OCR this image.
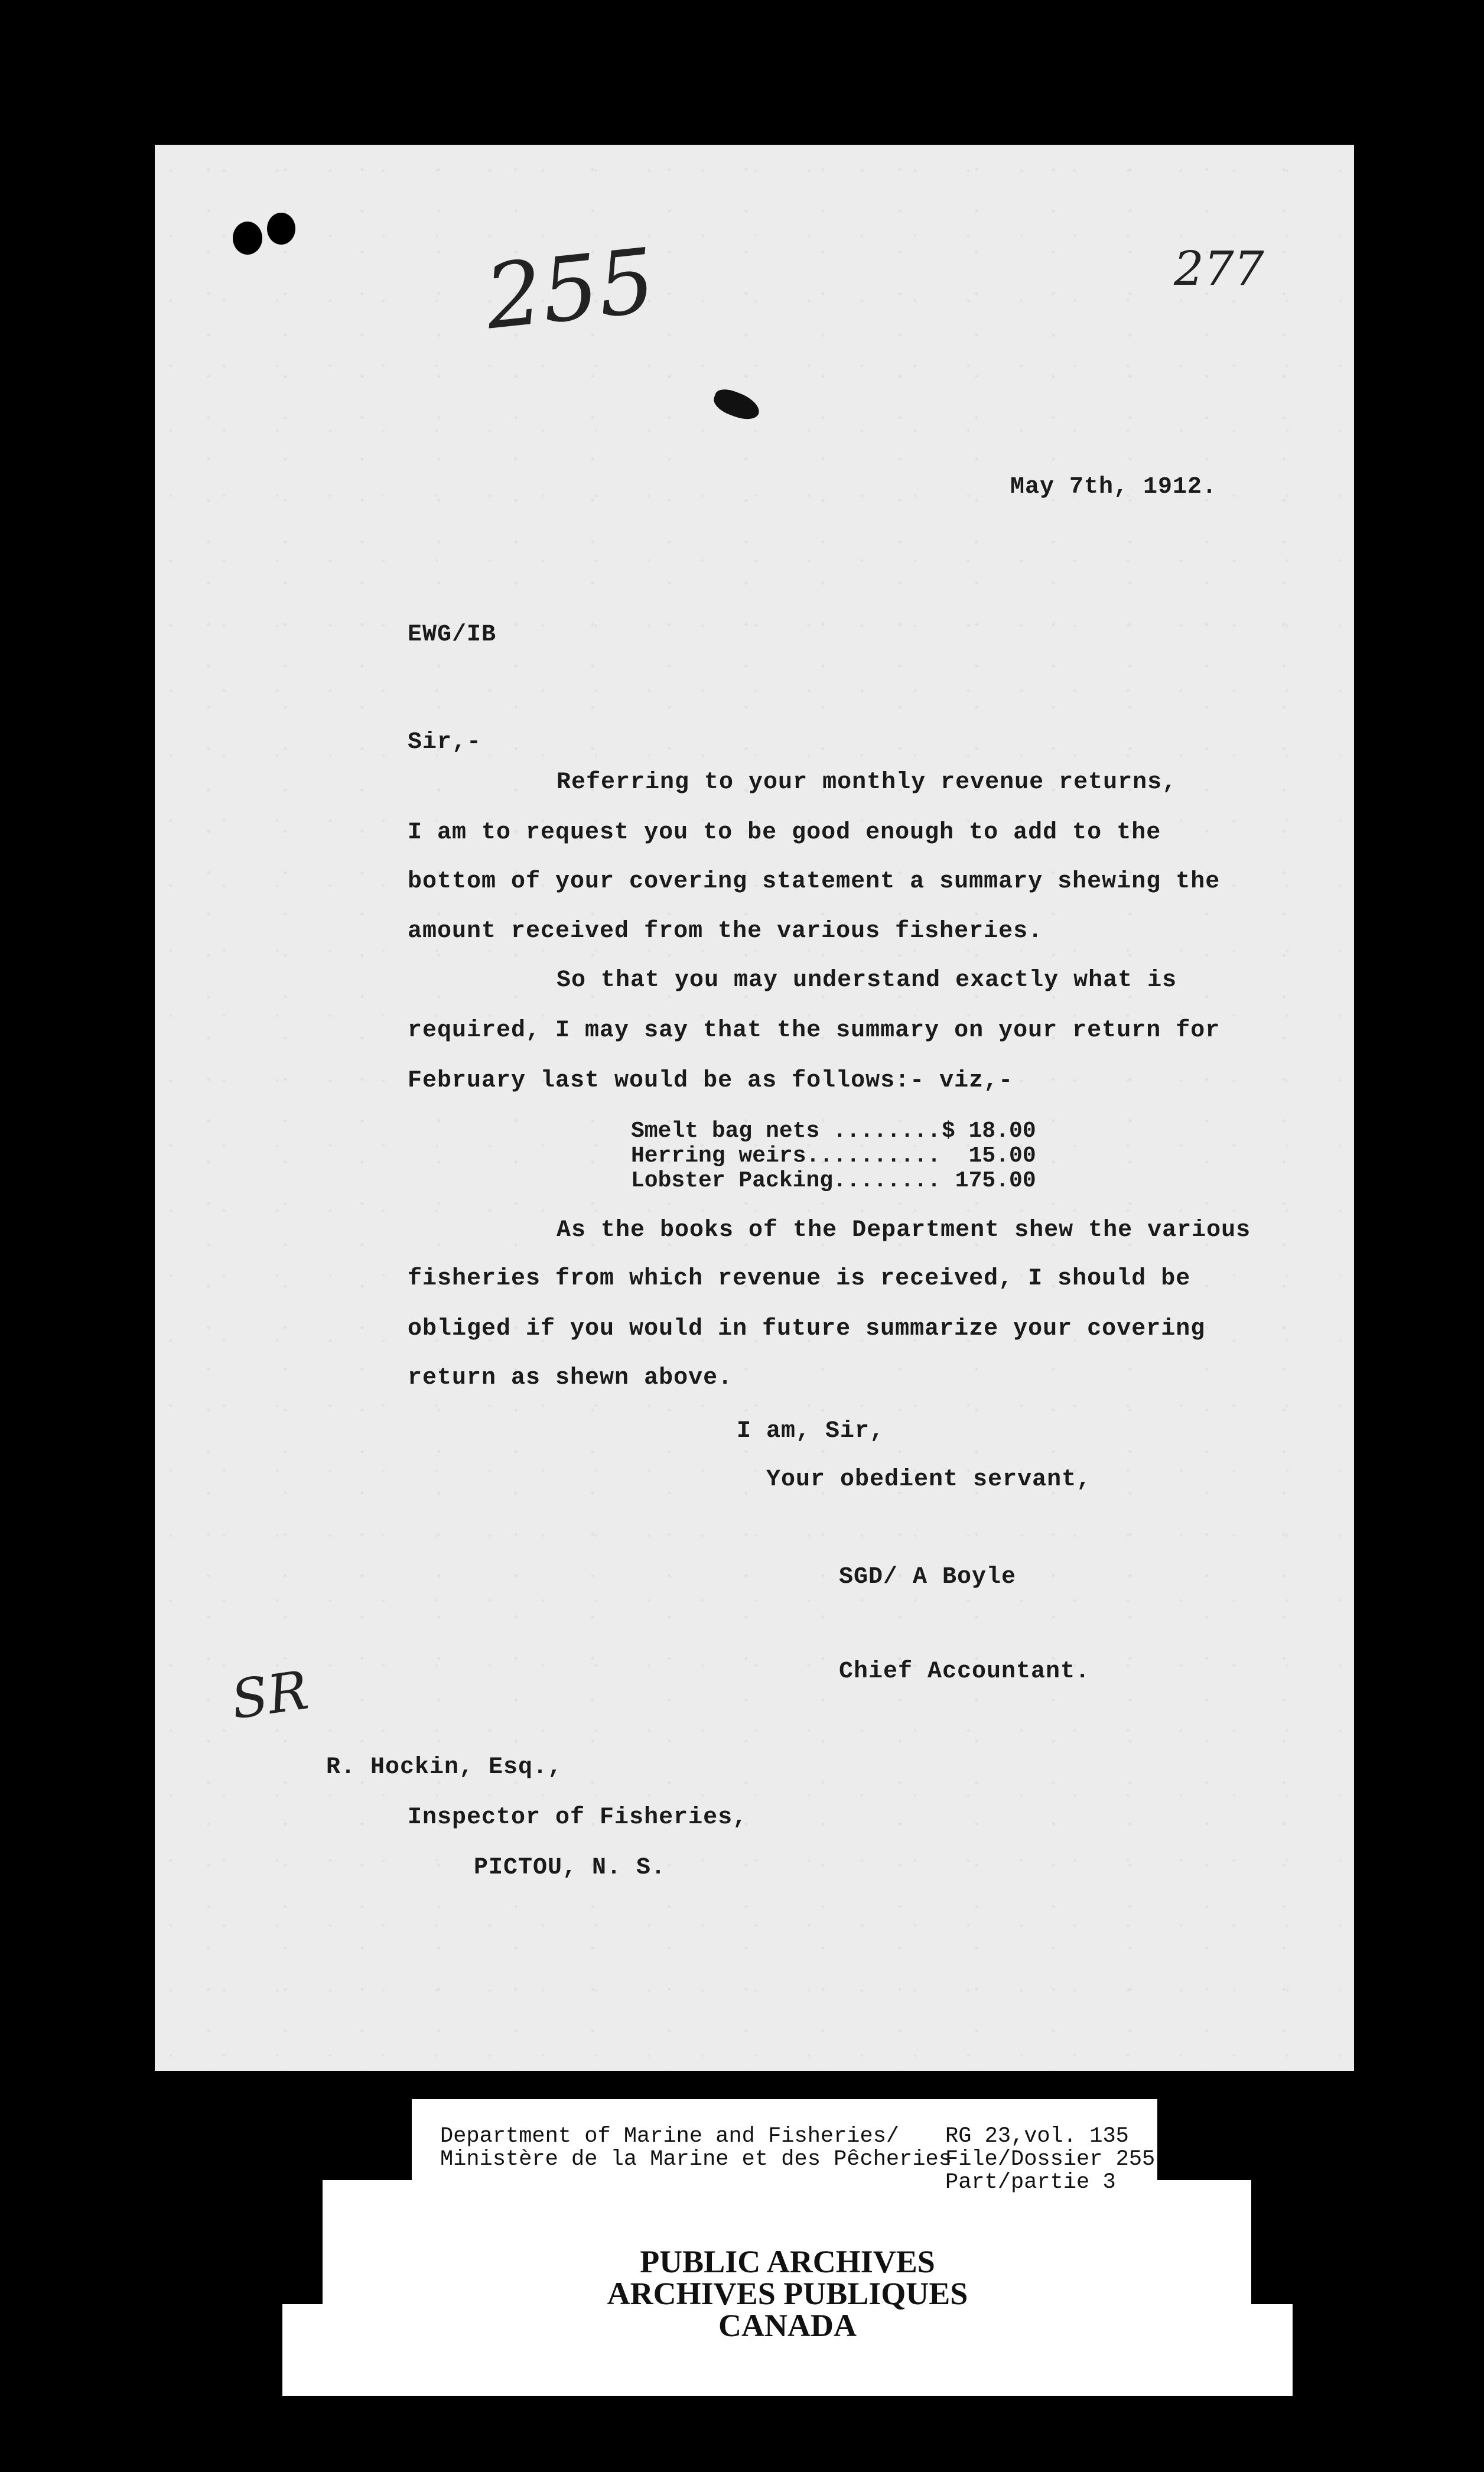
255	277
SR
May 7th, 1912.
EWG/IB
Sir,-
Referring to your monthly revenue returns,
I am to request you to be good enough to add to the
bottom of your covering statement a summary shewing the
amount received from the various fisheries.
So that you may understand exactly what is
required, I may say that the summary on your return for
February last would be as follows:- viz,-
Smelt bag nets ........ $ 18.00
Herring weirs.......... 15.00
Lobster Packing........ 175.00
As the books of the Department shew the various
fisheries from which revenue is received, I should be
obliged if you would in future summarize your covering
return as shewn above.
I am, Sir,
Your obedient servant,
SGD/ A Boyle
Chief Accountant.
R. Hockin, Esq.,
Inspector of Fisheries,
PICTOU, N. S.
PUBLIC ARCHIVES
ARCHIVES PUBLIQUES
CANADA
Department of Marine and Fisheries/
Ministère de la Marine et des Pêcheries
RG 23,vol. 135
File/Dossier 255
Part/partie 3
